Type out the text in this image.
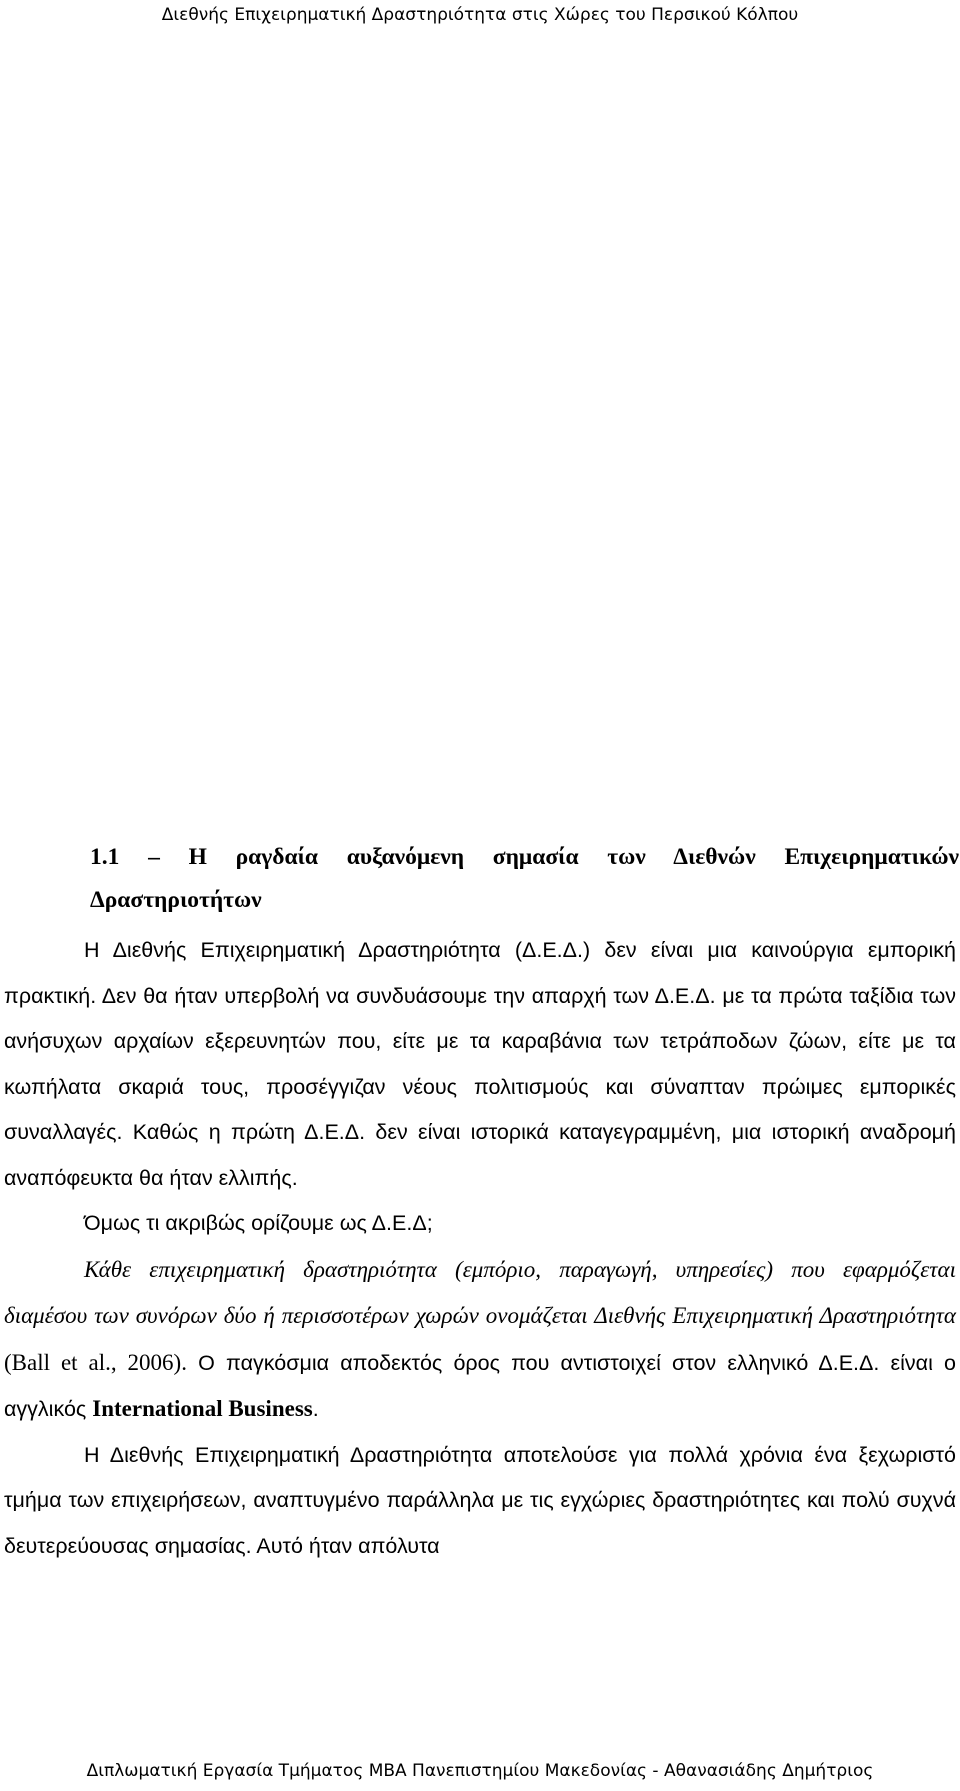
Διεθνής Επιχειρηματική Δραστηριότητα στις Χώρες του Περσικού Κόλπου
1.1 – Η ραγδαία αυξανόμενη σημασία των Διεθνών Επιχειρηματικών
Δραστηριοτήτων

Η Διεθνής Επιχειρηματική Δραστηριότητα (Δ.Ε.Δ.) δεν είναι μια καινούργια εμπορική πρακτική. Δεν θα ήταν υπερβολή να συνδυάσουμε την απαρχή των Δ.Ε.Δ. με τα πρώτα ταξίδια των ανήσυχων αρχαίων εξερευνητών που, είτε με τα καραβάνια των τετράποδων ζώων, είτε με τα κωπήλατα σκαριά τους, προσέγγιζαν νέους πολιτισμούς και σύναπταν πρώιμες εμπορικές συναλλαγές. Καθώς η πρώτη Δ.Ε.Δ. δεν είναι ιστορικά καταγεγραμμένη, μια ιστορική αναδρομή αναπόφευκτα θα ήταν ελλιπής.

Όμως τι ακριβώς ορίζουμε ως Δ.Ε.Δ;

Κάθε επιχειρηματική δραστηριότητα (εμπόριο, παραγωγή, υπηρεσίες) που εφαρμόζεται διαμέσου των συνόρων δύο ή περισσοτέρων χωρών ονομάζεται Διεθνής Επιχειρηματική Δραστηριότητα (Ball et al., 2006). Ο παγκόσμια αποδεκτός όρος που αντιστοιχεί στον ελληνικό Δ.Ε.Δ. είναι ο αγγλικός International Business.

Η Διεθνής Επιχειρηματική Δραστηριότητα αποτελούσε για πολλά χρόνια ένα ξεχωριστό τμήμα των επιχειρήσεων, αναπτυγμένο παράλληλα με τις εγχώριες δραστηριότητες και πολύ συχνά δευτερεύουσας σημασίας. Αυτό ήταν απόλυτα

Διπλωματική Εργασία Τμήματος MBA Πανεπιστημίου Μακεδονίας - Αθανασιάδης Δημήτριος
